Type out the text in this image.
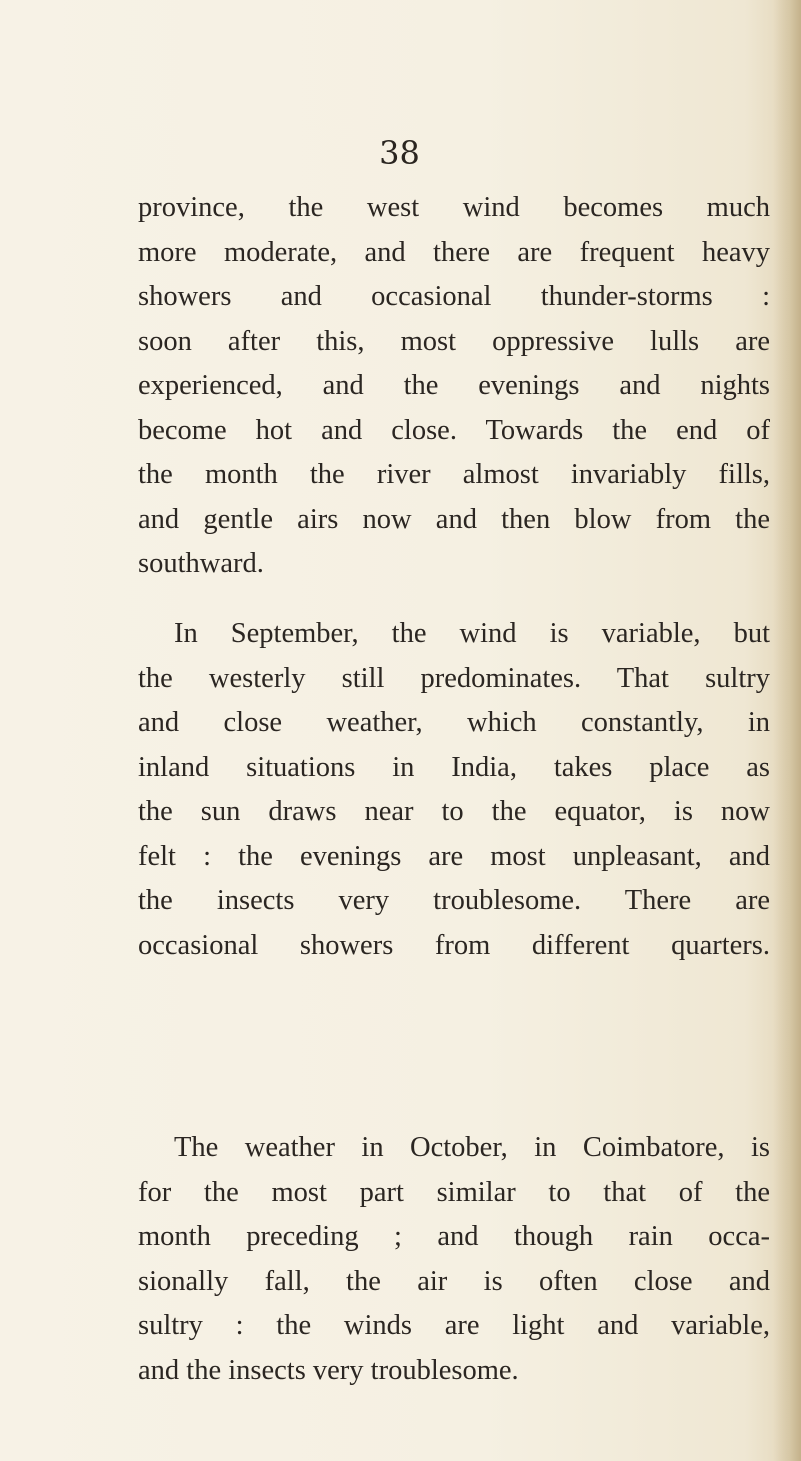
38
province, the west wind becomes much
more moderate, and there are frequent heavy
showers and occasional thunder-storms :
soon after this, most oppressive lulls are
experienced, and the evenings and nights
become hot and close. Towards the end of
the month the river almost invariably fills,
and gentle airs now and then blow from the
southward.
In September, the wind is variable, but
the westerly still predominates. That sultry
and close weather, which constantly, in
inland situations in India, takes place as
the sun draws near to the equator, is now
felt : the evenings are most unpleasant, and
the insects very troublesome. There are
occasional showers from different quarters.
The weather in October, in Coimbatore, is
for the most part similar to that of the
month preceding ; and though rain occa-
sionally fall, the air is often close and
sultry : the winds are light and variable,
and the insects very troublesome.
